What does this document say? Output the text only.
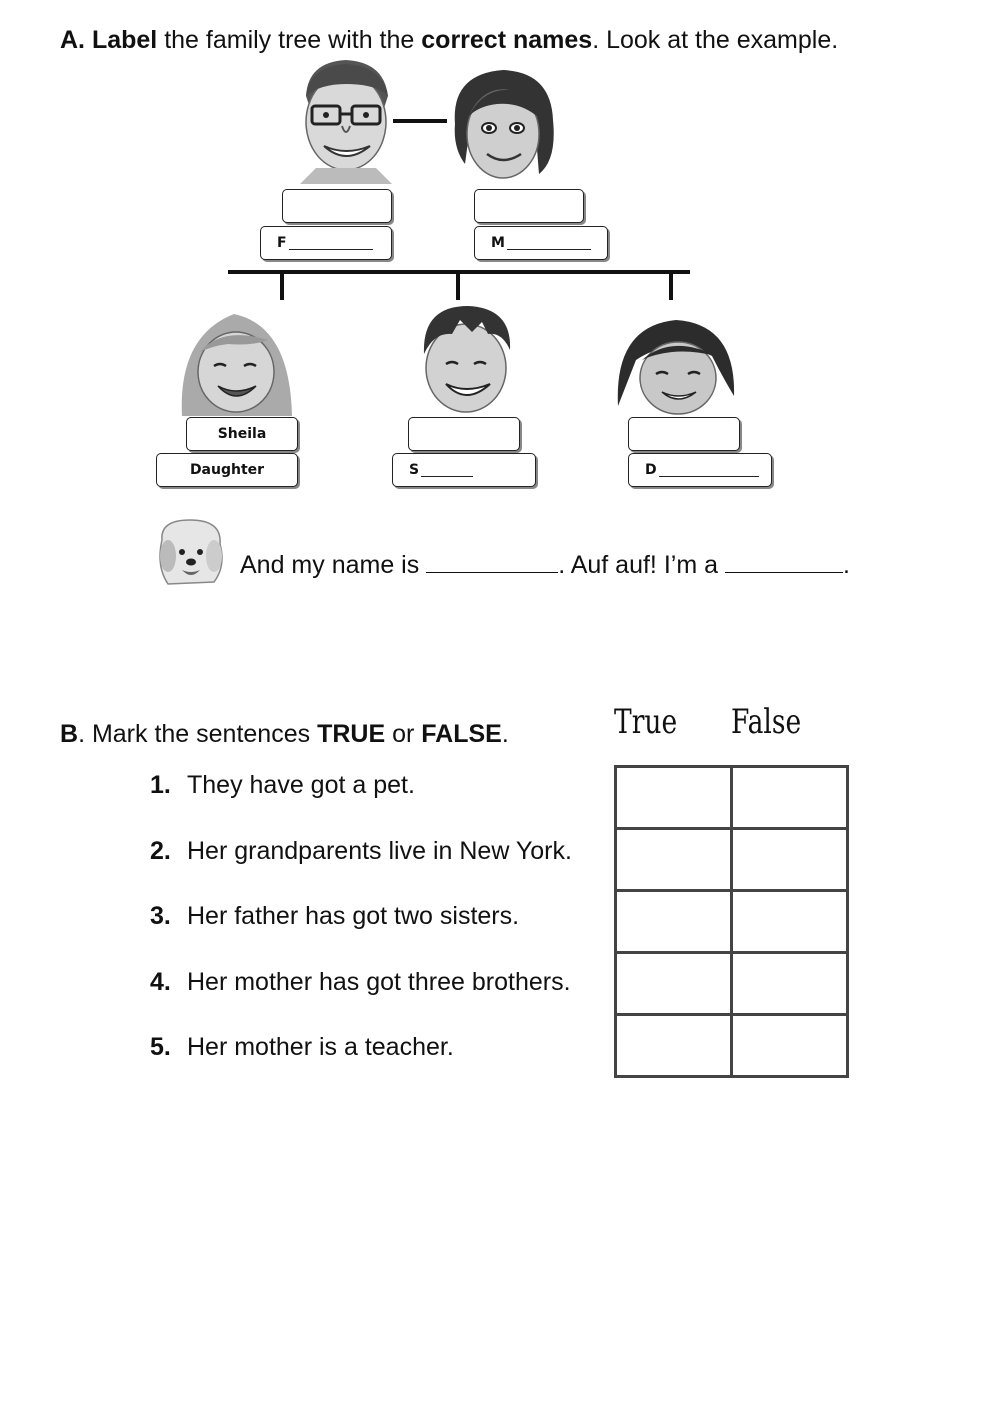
A. Label the family tree with the correct names. Look at the example.
F	M
Sheila
Daughter	S	D
And my name is	. Auf auf! I’m a	.
B. Mark the sentences TRUE or FALSE.	True False
1. They have got a pet.
2. Her grandparents live in New York.
3. Her father has got two sisters.
4. Her mother has got three brothers.
5. Her mother is a teacher.
